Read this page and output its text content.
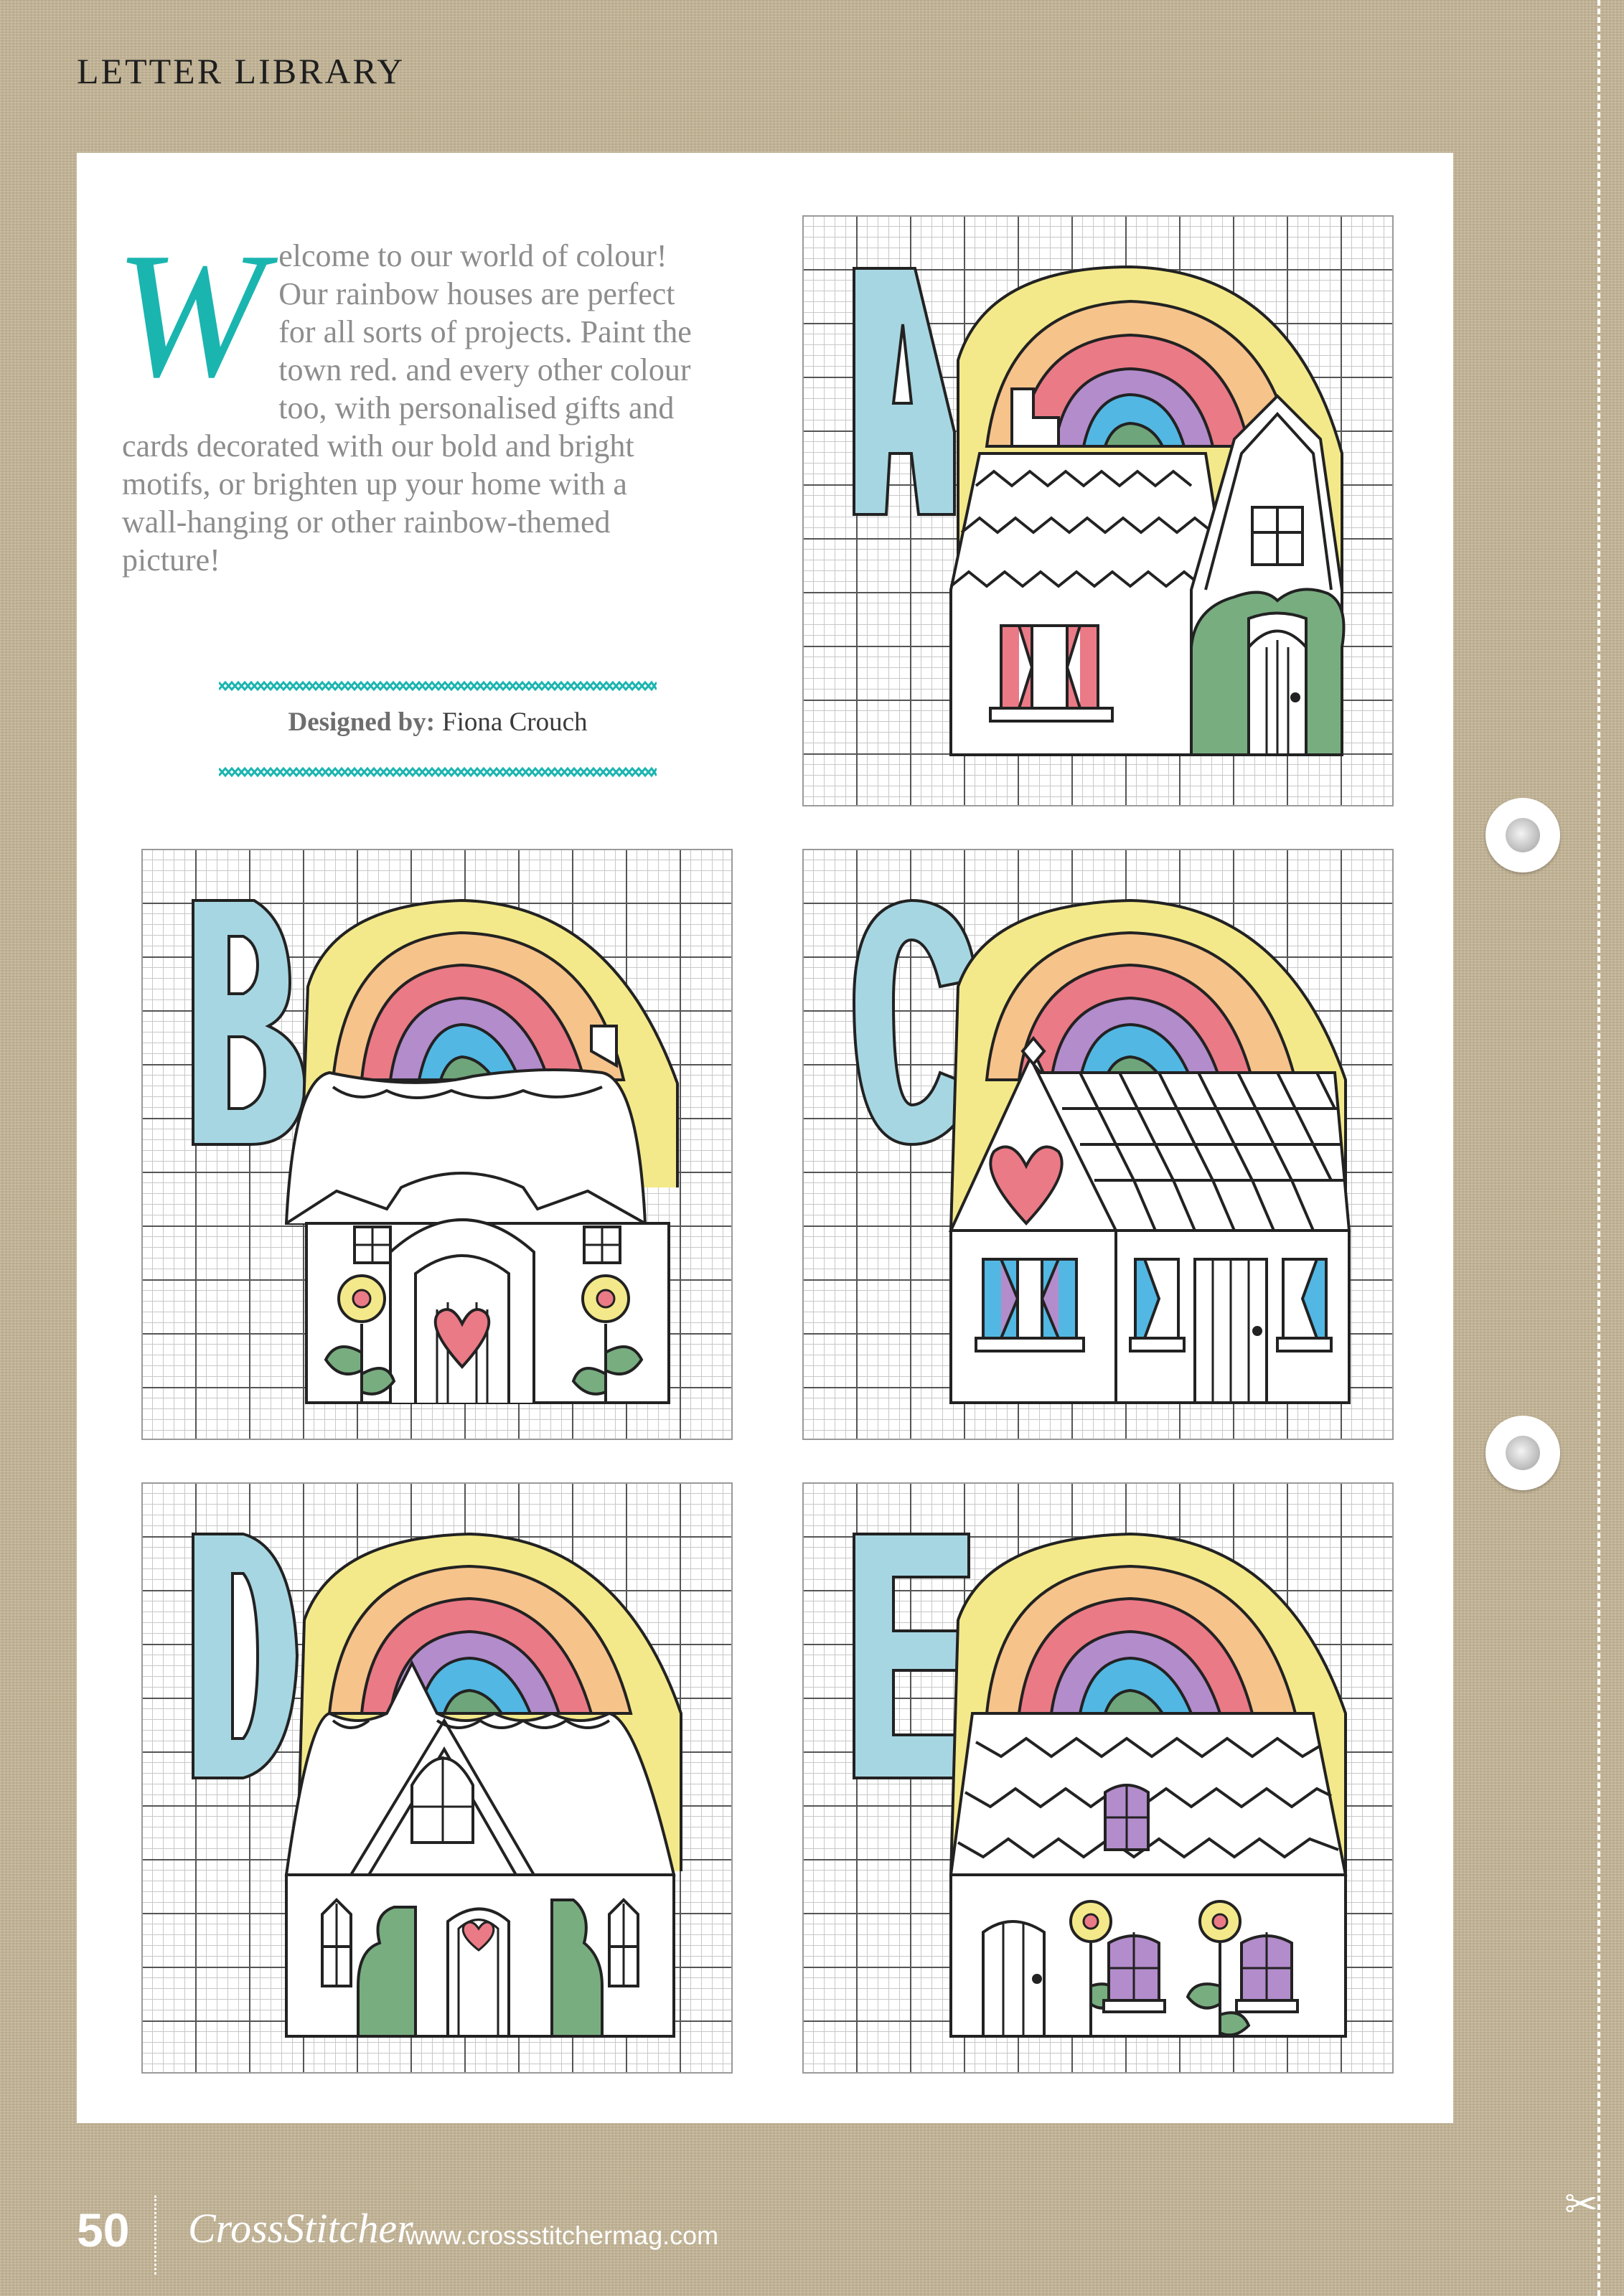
LETTER LIBRARY
W elcome to our world of colour! Our rainbow houses are perfect for all sorts of projects. Paint the town red. and every other colour too, with personalised gifts and cards decorated with our bold and bright motifs, or brighten up your home with a wall-hanging or other rainbow-themed picture!

Designed by: Fiona Crouch
✂
50 CrossStitcher
www.crossstitchermag.com
